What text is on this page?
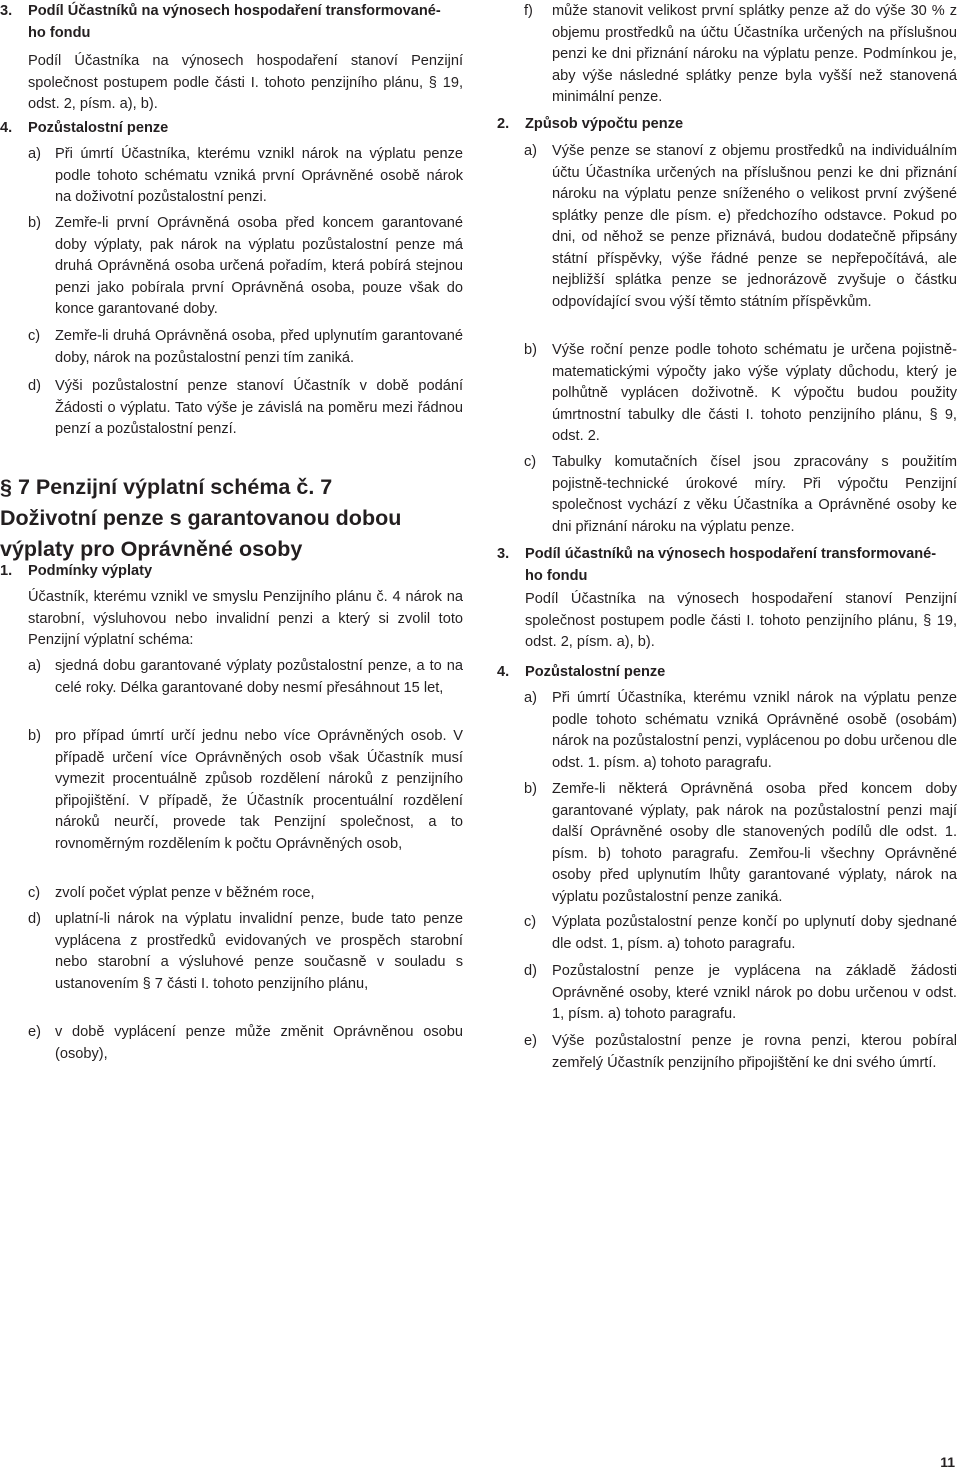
3. Podíl Účastníků na výnosech hospodaření transformované-
ho fondu
Podíl Účastníka na výnosech hospodaření stanoví Penzijní společnost postupem podle části I. tohoto penzijního plánu, § 19, odst. 2, písm. a), b).
4. Pozůstalostní penze
a) Při úmrtí Účastníka, kterému vznikl nárok na výplatu penze podle tohoto schématu vzniká první Oprávněné osobě nárok na doživotní pozůstalostní penzi.
b) Zemře-li první Oprávněná osoba před koncem garantované doby výplaty, pak nárok na výplatu pozůstalostní penze má druhá Oprávněná osoba určená pořadím, která pobírá stejnou penzi jako pobírala první Oprávněná osoba, pouze však do konce garantované doby.
c) Zemře-li druhá Oprávněná osoba, před uplynutím garantované doby, nárok na pozůstalostní penzi tím zaniká.
d) Výši pozůstalostní penze stanoví Účastník v době podání Žádosti o výplatu. Tato výše je závislá na poměru mezi řádnou penzí a pozůstalostní penzí.
§ 7 Penzijní výplatní schéma č. 7
Doživotní penze s garantovanou dobou
výplaty pro Oprávněné osoby
1. Podmínky výplaty
Účastník, kterému vznikl ve smyslu Penzijního plánu č. 4 nárok na starobní, výsluhovou nebo invalidní penzi a který si zvolil toto Penzijní výplatní schéma:
a) sjedná dobu garantované výplaty pozůstalostní penze, a to na celé roky. Délka garantované doby nesmí přesáhnout 15 let,
b) pro případ úmrtí určí jednu nebo více Oprávněných osob. V případě určení více Oprávněných osob však Účastník musí vymezit procentuálně způsob rozdělení nároků z penzijního připojištění. V případě, že Účastník procentuální rozdělení nároků neurčí, provede tak Penzijní společnost, a to rovnoměrným rozdělením k počtu Oprávněných osob,
c) zvolí počet výplat penze v běžném roce,
d) uplatní-li nárok na výplatu invalidní penze, bude tato penze vyplácena z prostředků evidovaných ve prospěch starobní nebo starobní a výsluhové penze současně v souladu s ustanovením § 7 části I. tohoto penzijního plánu,
e) v době vyplácení penze může změnit Oprávněnou osobu (osoby),
f) může stanovit velikost první splátky penze až do výše 30 % z objemu prostředků na účtu Účastníka určených na příslušnou penzi ke dni přiznání nároku na výplatu penze. Podmínkou je, aby výše následné splátky penze byla vyšší než stanovená minimální penze.
2. Způsob výpočtu penze
a) Výše penze se stanoví z objemu prostředků na individuálním účtu Účastníka určených na příslušnou penzi ke dni přiznání nároku na výplatu penze sníženého o velikost první zvýšené splátky penze dle písm. e) předchozího odstavce. Pokud po dni, od něhož se penze přiznává, budou dodatečně připsány státní příspěvky, výše řádné penze se nepřepočítává, ale nejbližší splátka penze se jednorázově zvyšuje o částku odpovídající svou výší těmto státním příspěvkům.
b) Výše roční penze podle tohoto schématu je určena pojistně-matematickými výpočty jako výše výplaty důchodu, který je polhůtně vyplácen doživotně. K výpočtu budou použity úmrtnostní tabulky dle části I. tohoto penzijního plánu, § 9, odst. 2.
c) Tabulky komutačních čísel jsou zpracovány s použitím pojistně-technické úrokové míry. Při výpočtu Penzijní společnost vychází z věku Účastníka a Oprávněné osoby ke dni přiznání nároku na výplatu penze.
3. Podíl účastníků na výnosech hospodaření transformované-
ho fondu
Podíl Účastníka na výnosech hospodaření stanoví Penzijní společnost postupem podle části I. tohoto penzijního plánu, § 19, odst. 2, písm. a), b).
4. Pozůstalostní penze
a) Při úmrtí Účastníka, kterému vznikl nárok na výplatu penze podle tohoto schématu vzniká Oprávněné osobě (osobám) nárok na pozůstalostní penzi, vyplácenou po dobu určenou dle odst. 1. písm. a) tohoto paragrafu.
b) Zemře-li některá Oprávněná osoba před koncem doby garantované výplaty, pak nárok na pozůstalostní penzi mají další Oprávněné osoby dle stanovených podílů dle odst. 1. písm. b) tohoto paragrafu. Zemřou-li všechny Oprávněné osoby před uplynutím lhůty garantované výplaty, nárok na výplatu pozůstalostní penze zaniká.
c) Výplata pozůstalostní penze končí po uplynutí doby sjednané dle odst. 1, písm. a) tohoto paragrafu.
d) Pozůstalostní penze je vyplácena na základě žádosti Oprávněné osoby, které vznikl nárok po dobu určenou v odst. 1, písm. a) tohoto paragrafu.
e) Výše pozůstalostní penze je rovna penzi, kterou pobíral zemřelý Účastník penzijního připojištění ke dni svého úmrtí.
11
